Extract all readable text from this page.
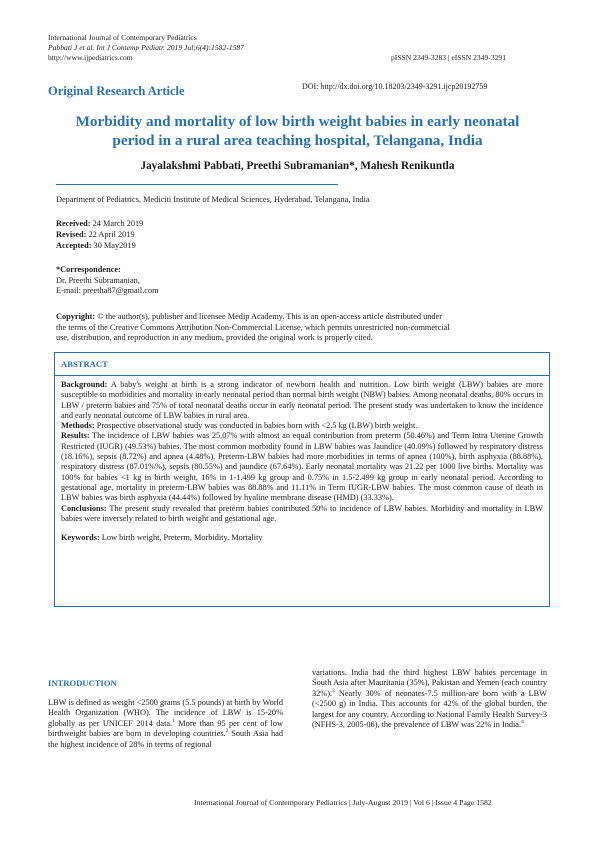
International Journal of Contemporary Pediatrics
Pabbati J et al. Int J Contemp Pediatr. 2019 Jul;6(4):1582-1587
http://www.ijpediatrics.com	pISSN 2349-3283 | eISSN 2349-3291
Original Research Article	DOI: http://dx.doi.org/10.18203/2349-3291.ijcp20192759
Morbidity and mortality of low birth weight babies in early neonatal
period in a rural area teaching hospital, Telangana, India
Jayalakshmi Pabbati, Preethi Subramanian*, Mahesh Renikuntla
Department of Pediatrics, Mediciti Institute of Medical Sciences, Hyderabad, Telangana, India
Received: 24 March 2019
Revised: 22 April 2019
Accepted: 30 May2019
*Correspondence:
Dr. Preethi Subramanian,
E-mail: preetha87@gmail.com
Copyright: © the author(s), publisher and licensee Medip Academy. This is an open-access article distributed under
the terms of the Creative Commons Attribution Non-Commercial License, which permits unrestricted non-commercial
use, distribution, and reproduction in any medium, provided the original work is properly cited.
ABSTRACT

Background: A baby's weight at birth is a strong indicator of newborn health and nutrition. Low birth weight (LBW) babies are more susceptible to morbidities and mortality in early neonatal period than normal birth weight (NBW) babies. Among neonatal deaths, 80% occurs in LBW / preterm babies and 75% of total neonatal deaths occur in early neonatal period. The present study was undertaken to know the incidence and early neonatal outcome of LBW babies in rural area.

Methods: Prospective observational study was conducted in babies born with <2.5 kg (LBW) birth weight.

Results: The incidence of LBW babies was 25.07% with almost an equal contribution from preterm (50.46%) and Term Intra Uterine Growth Restricted (IUGR) (49.53%) babies. The most common morbidity found in LBW babies was Jaundice (40.09%) followed by respiratory distress (18.16%), sepsis (8.72%) and apnea (4.48%). Preterm-LBW babies had more morbidities in terms of apnea (100%), birth asphyxia (88.88%), respiratory distress (87.01%%), sepsis (80.55%) and jaundice (67.64%). Early neonatal mortality was 21.22 per 1000 live births. Mortality was 100% for babies <1 kg in birth weight, 16% in 1-1.499 kg group and 0.75% in 1.5-2.499 kg group in early neonatal period. According to gestational age, mortality in preterm-LBW babies was 88.88% and 11.11% in Term IUGR-LBW babies. The most common cause of death in LBW babies was birth asphyxia (44.44%) followed by hyaline membrane disease (HMD) (33.33%).

Conclusions: The present study revealed that preterm babies contributed 50% to incidence of LBW babies. Morbidity and mortality in LBW babies were inversely related to birth weight and gestational age.

Keywords: Low birth weight, Preterm, Morbidity, Mortality

INTRODUCTION
LBW is defined as weight <2500 grams (5.5 pounds) at birth by World Health Organization (WHO). The incidence of LBW is 15-20% globally as per UNICEF 2014 data.$^1$ More than 95 per cent of low birthweight babies are born in developing countries.$^2$ South Asia had the highest incidence of 28% in terms of regional
variations. India had the third highest LBW babies percentage in South Asia after Mauritania (35%), Pakistan and Yemen (each country 32%).$^3$ Nearly 30% of neonates-7.5 million-are born with a LBW (<2500 g) in India. This accounts for 42% of the global burden, the largest for any country. According to National Family Health Survey-3 (NFHS-3, 2005-06), the prevalence of LBW was 22% in India.$^4$
International Journal of Contemporary Pediatrics | July-August 2019 | Vol 6 | Issue 4 Page 1582
